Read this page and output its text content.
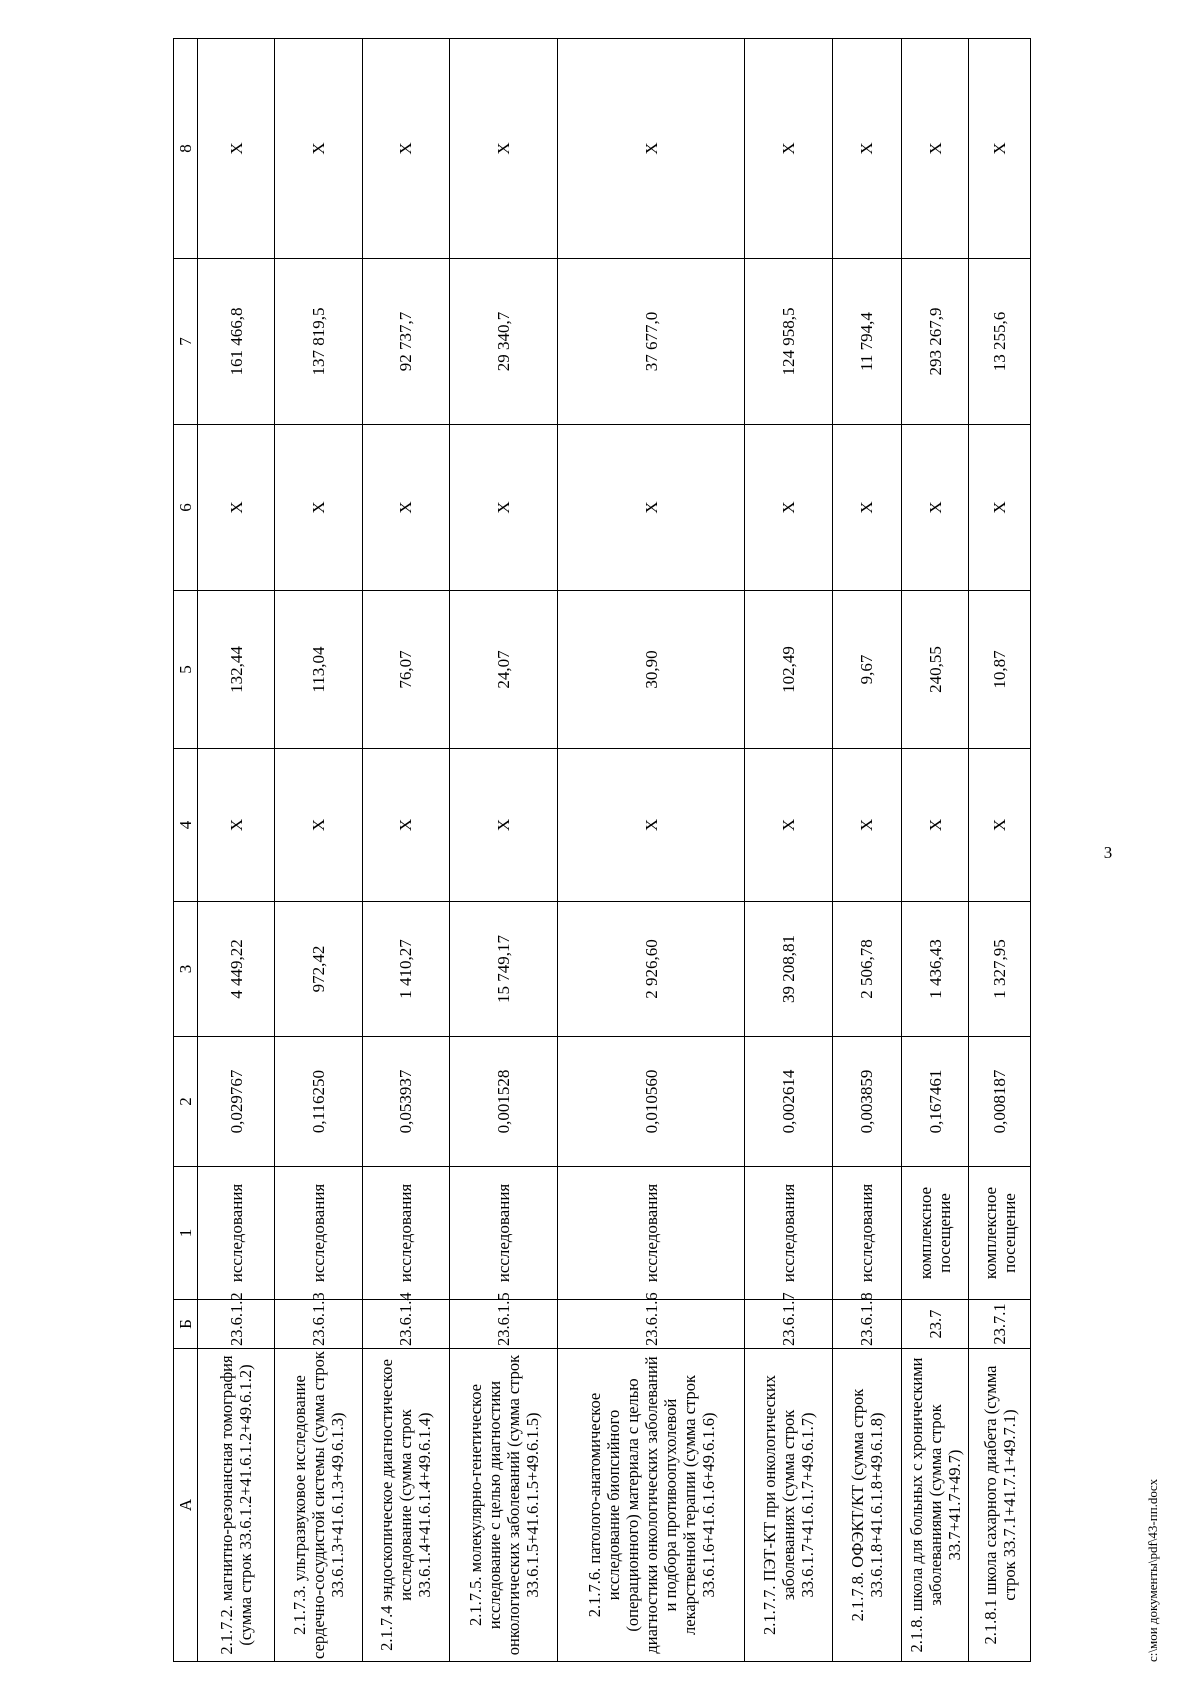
3
А	Б	1	2	3	4	5	6	7	8
2.1.7.2. магнитно-резонансная томография (сумма строк 33.6.1.2+41.6.1.2+49.6.1.2)	23.6.1.2	исследования	0,029767	4 449,22	Х	132,44	Х	161 466,8	Х
2.1.7.3. ультразвуковое исследование сердечно-сосудистой системы (сумма строк 33.6.1.3+41.6.1.3+49.6.1.3)	23.6.1.3	исследования	0,116250	972,42	Х	113,04	Х	137 819,5	Х
2.1.7.4 эндоскопическое диагностическое исследование (сумма строк 33.6.1.4+41.6.1.4+49.6.1.4)	23.6.1.4	исследования	0,053937	1 410,27	Х	76,07	Х	92 737,7	Х
2.1.7.5. молекулярно-генетическое исследование с целью диагностики онкологических заболеваний (сумма строк 33.6.1.5+41.6.1.5+49.6.1.5)	23.6.1.5	исследования	0,001528	15 749,17	Х	24,07	Х	29 340,7	Х
2.1.7.6. патолого-анатомическое исследование биопсийного (операционного) материала с целью диагностики онкологических заболеваний и подбора противоопухолевой лекарственной терапии (сумма строк 33.6.1.6+41.6.1.6+49.6.1.6)	23.6.1.6	исследования	0,010560	2 926,60	Х	30,90	Х	37 677,0	Х
2.1.7.7. ПЭТ-КТ при онкологических заболеваниях (сумма строк 33.6.1.7+41.6.1.7+49.6.1.7)	23.6.1.7	исследования	0,002614	39 208,81	Х	102,49	Х	124 958,5	Х
2.1.7.8. ОФЭКТ/КТ (сумма строк 33.6.1.8+41.6.1.8+49.6.1.8)	23.6.1.8	исследования	0,003859	2 506,78	Х	9,67	Х	11 794,4	Х
2.1.8. школа для больных с хроническими заболеваниями (сумма строк 33.7+41.7+49.7)	23.7	комплексное посещение	0,167461	1 436,43	Х	240,55	Х	293 267,9	Х
2.1.8.1 школа сахарного диабета (сумма строк 33.7.1+41.7.1+49.7.1)	23.7.1	комплексное посещение	0,008187	1 327,95	Х	10,87	Х	13 255,6	Х
c:\мои документы\pdf\43-пп.docx
